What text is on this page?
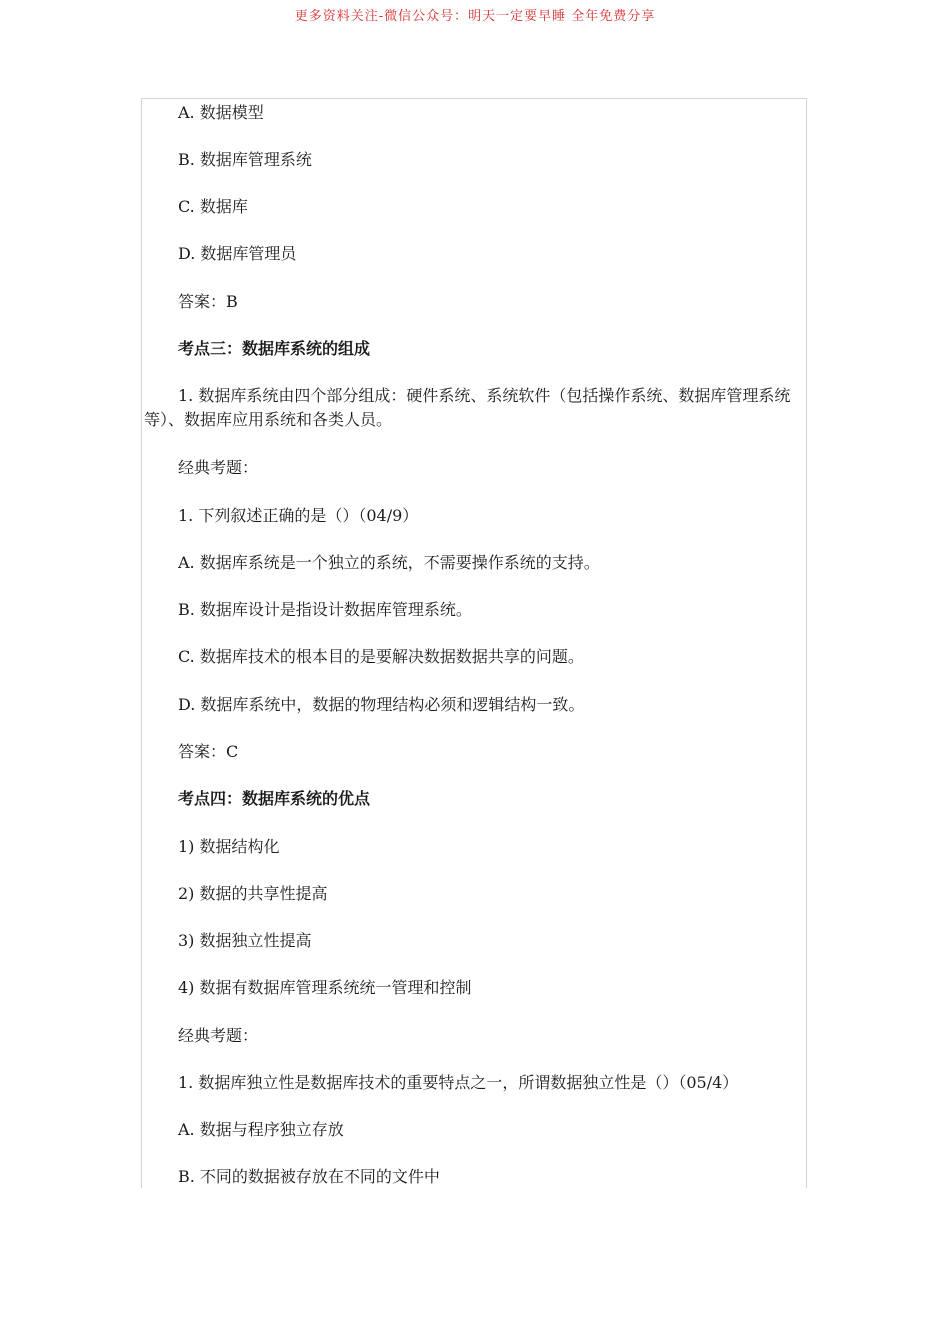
更多资料关注-微信公众号：明天一定要早睡 全年免费分享
A. 数据模型
B. 数据库管理系统
C. 数据库
D. 数据库管理员
答案：B
考点三：数据库系统的组成
1. 数据库系统由四个部分组成：硬件系统、系统软件（包括操作系统、数据库管理系统等）、数据库应用系统和各类人员。
经典考题：
1. 下列叙述正确的是（）（04/9）
A. 数据库系统是一个独立的系统，不需要操作系统的支持。
B. 数据库设计是指设计数据库管理系统。
C. 数据库技术的根本目的是要解决数据数据共享的问题。
D. 数据库系统中，数据的物理结构必须和逻辑结构一致。
答案：C
考点四：数据库系统的优点
1) 数据结构化
2) 数据的共享性提高
3) 数据独立性提高
4) 数据有数据库管理系统统一管理和控制
经典考题：
1. 数据库独立性是数据库技术的重要特点之一，所谓数据独立性是（）（05/4）
A. 数据与程序独立存放
B. 不同的数据被存放在不同的文件中
